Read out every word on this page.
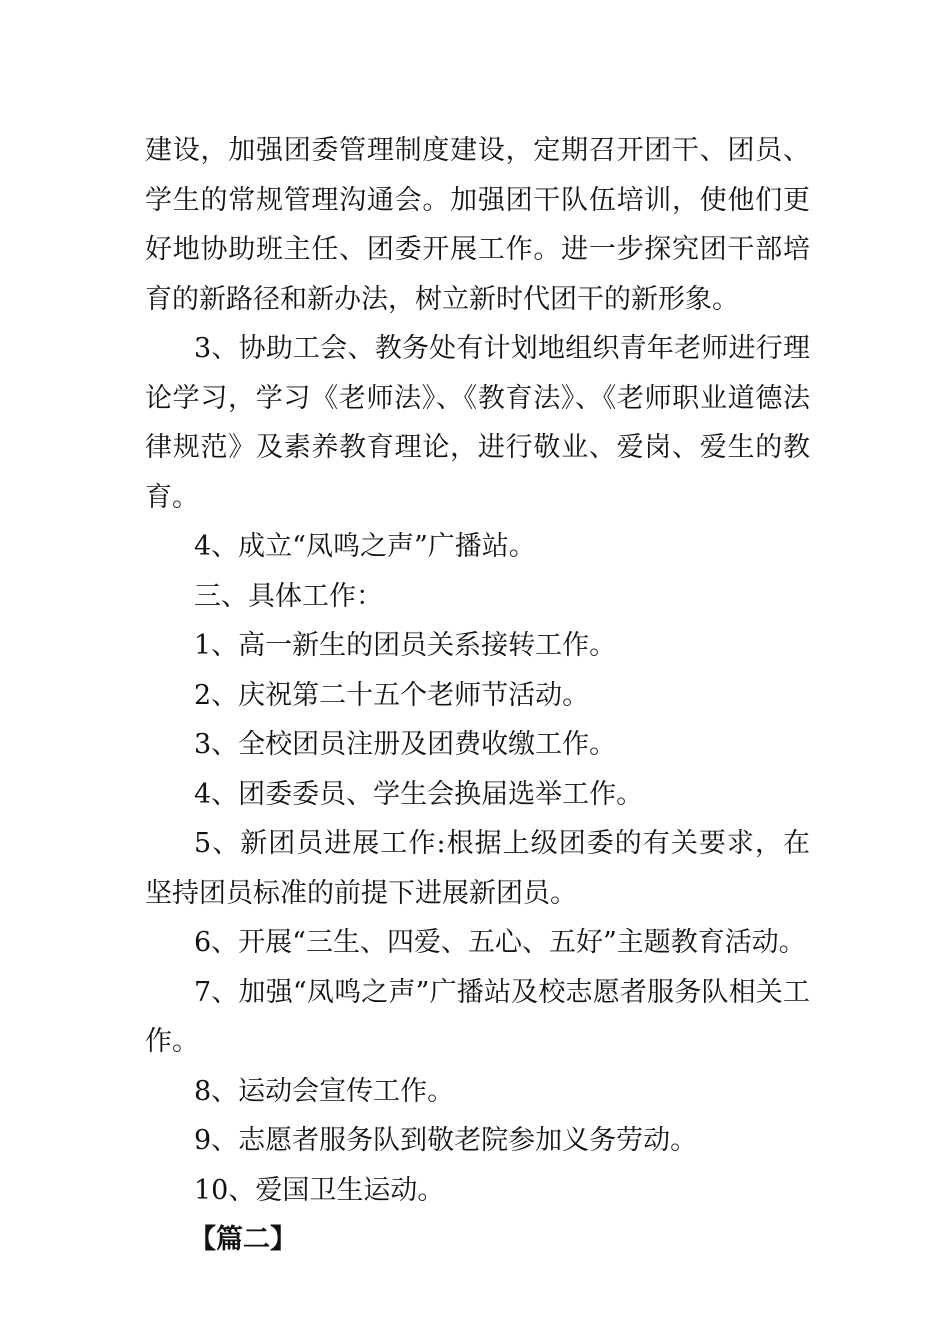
建设，加强团委管理制度建设，定期召开团干、团员、学生的常规管理沟通会。加强团干队伍培训，使他们更好地协助班主任、团委开展工作。进一步探究团干部培育的新路径和新办法，树立新时代团干的新形象。

3、协助工会、教务处有计划地组织青年老师进行理论学习，学习《老师法》、《教育法》、《老师职业道德法律规范》及素养教育理论，进行敬业、爱岗、爱生的教育。

4、成立“凤鸣之声”广播站。

三、具体工作：

1、高一新生的团员关系接转工作。

2、庆祝第二十五个老师节活动。

3、全校团员注册及团费收缴工作。

4、团委委员、学生会换届选举工作。

5、新团员进展工作:根据上级团委的有关要求，在坚持团员标准的前提下进展新团员。

6、开展“三生、四爱、五心、五好”主题教育活动。

7、加强“凤鸣之声”广播站及校志愿者服务队相关工作。

8、运动会宣传工作。

9、志愿者服务队到敬老院参加义务劳动。

10、爱国卫生运动。

【篇二】
